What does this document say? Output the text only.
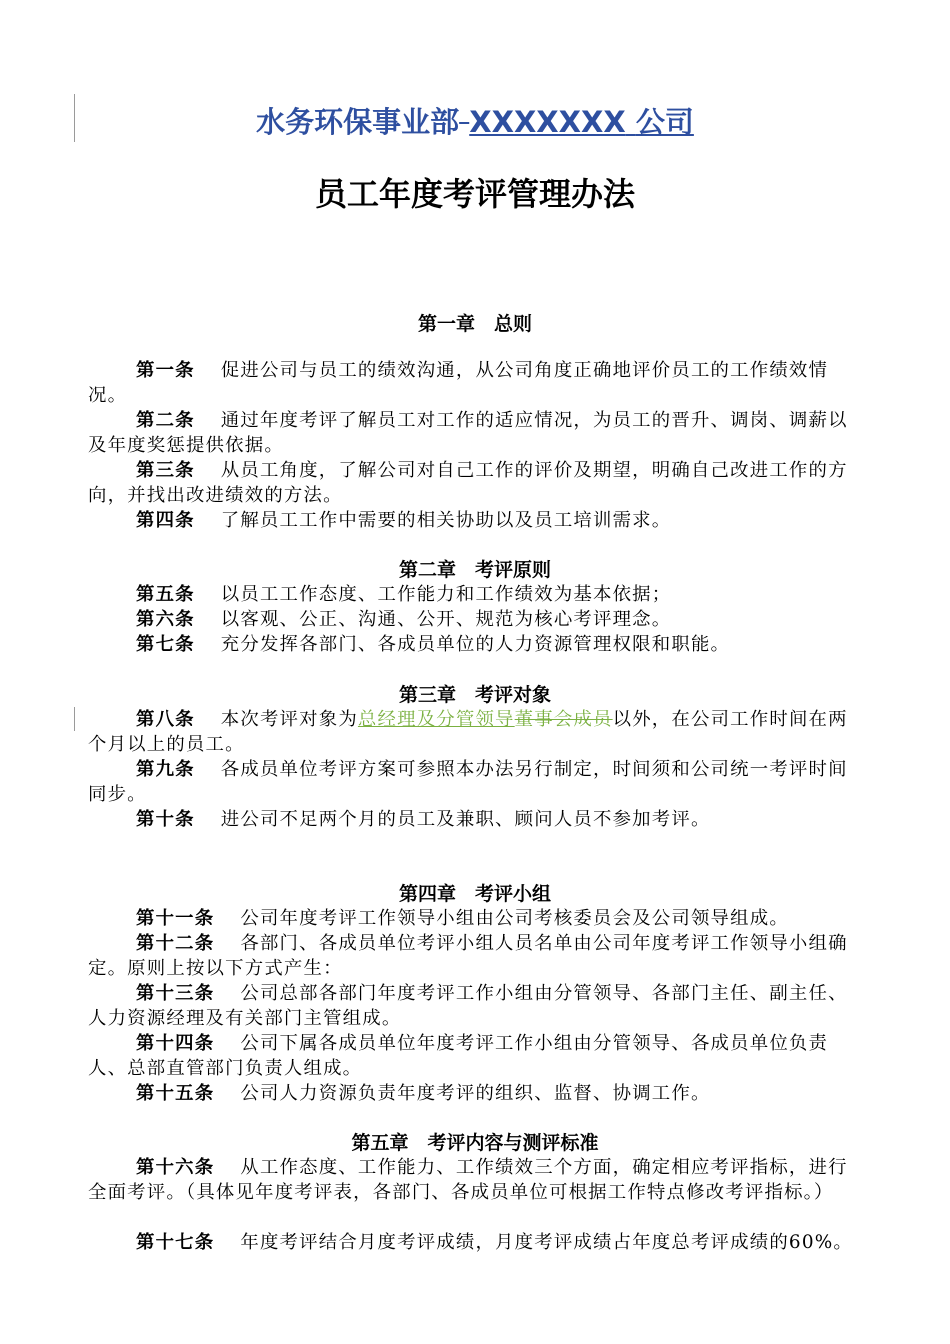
水务环保事业部 XXXXXXX 公司
员工年度考评管理办法
第一章　总则
第一条 促进公司与员工的绩效沟通，从公司角度正确地评价员工的工作绩效情况。
第二条 通过年度考评了解员工对工作的适应情况，为员工的晋升、调岗、调薪以及年度奖惩提供依据。
第三条 从员工角度，了解公司对自己工作的评价及期望，明确自己改进工作的方向，并找出改进绩效的方法。
第四条 了解员工工作中需要的相关协助以及员工培训需求。
第二章　考评原则
第五条 以员工工作态度、工作能力和工作绩效为基本依据；
第六条 以客观、公正、沟通、公开、规范为核心考评理念。
第七条 充分发挥各部门、各成员单位的人力资源管理权限和职能。
第三章　考评对象
第八条 本次考评对象为总经理及分管领导董事会成员以外，在公司工作时间在两个月以上的员工。
第九条 各成员单位考评方案可参照本办法另行制定，时间须和公司统一考评时间同步。
第十条 进公司不足两个月的员工及兼职、顾问人员不参加考评。
第四章　考评小组
第十一条 公司年度考评工作领导小组由公司考核委员会及公司领导组成。
第十二条 各部门、各成员单位考评小组人员名单由公司年度考评工作领导小组确定。原则上按以下方式产生：
第十三条 公司总部各部门年度考评工作小组由分管领导、各部门主任、副主任、人力资源经理及有关部门主管组成。
第十四条 公司下属各成员单位年度考评工作小组由分管领导、各成员单位负责人、总部直管部门负责人组成。
第十五条 公司人力资源负责年度考评的组织、监督、协调工作。
第五章　考评内容与测评标准
第十六条 从工作态度、工作能力、工作绩效三个方面，确定相应考评指标，进行全面考评。（具体见年度考评表，各部门、各成员单位可根据工作特点修改考评指标。）
第十七条 年度考评结合月度考评成绩，月度考评成绩占年度总考评成绩的60%。
